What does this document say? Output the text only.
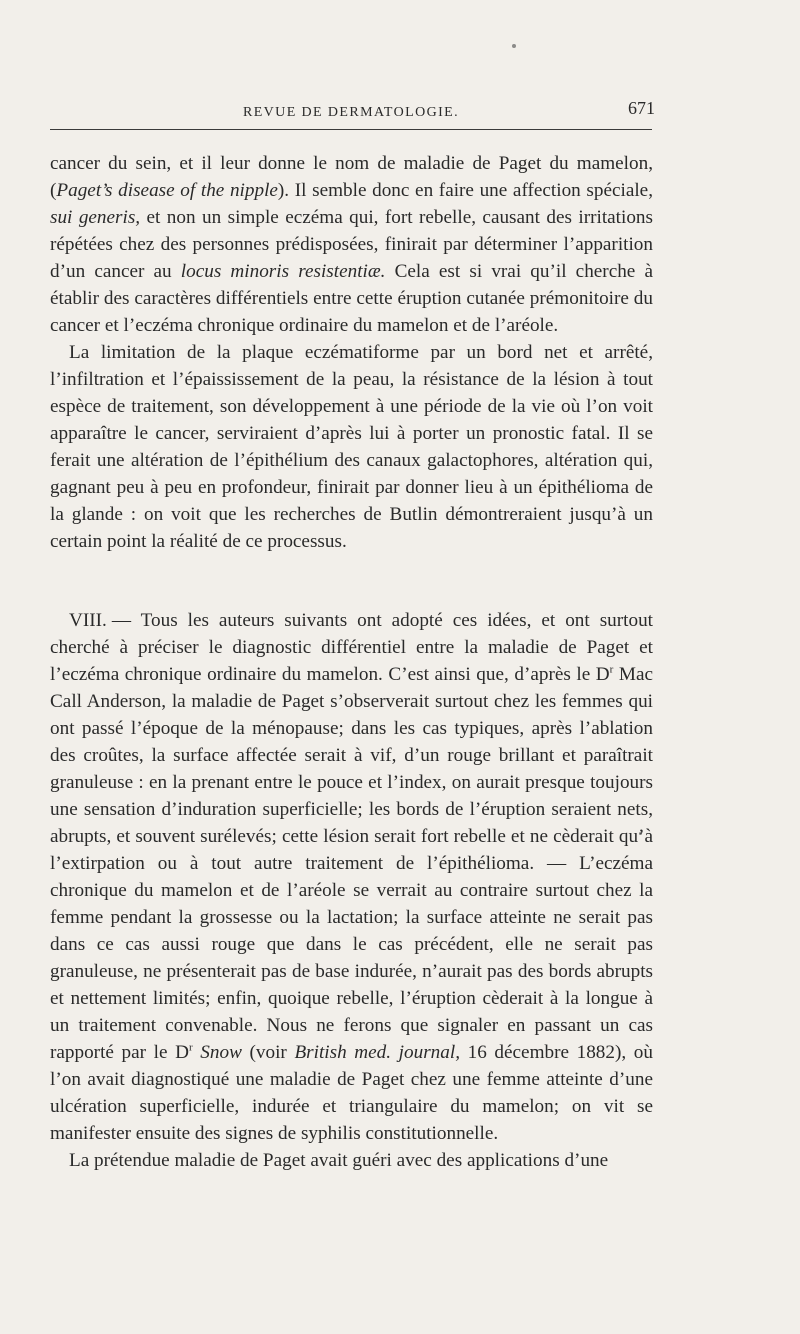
REVUE DE DERMATOLOGIE.	671

cancer du sein, et il leur donne le nom de maladie de Paget du mamelon, (Paget’s disease of the nipple). Il semble donc en faire une affection spéciale, sui generis, et non un simple eczéma qui, fort rebelle, causant des irritations répétées chez des personnes prédisposées, finirait par déterminer l’apparition d’un cancer au locus minoris resistentiæ. Cela est si vrai qu’il cherche à établir des caractères différentiels entre cette éruption cutanée prémonitoire du cancer et l’eczéma chronique ordinaire du mamelon et de l’aréole.

La limitation de la plaque eczématiforme par un bord net et arrêté, l’infiltration et l’épaississement de la peau, la résistance de la lésion à tout espèce de traitement, son développement à une période de la vie où l’on voit apparaître le cancer, serviraient d’après lui à porter un pronostic fatal. Il se ferait une altération de l’épithélium des canaux galactophores, altération qui, gagnant peu à peu en profondeur, finirait par donner lieu à un épithélioma de la glande : on voit que les recherches de Butlin démontreraient jusqu’à un certain point la réalité de ce processus.

VIII. — Tous les auteurs suivants ont adopté ces idées, et ont surtout cherché à préciser le diagnostic différentiel entre la maladie de Paget et l’eczéma chronique ordinaire du mamelon. C’est ainsi que, d’après le $D^r$ Mac Call Anderson, la maladie de Paget s’observerait surtout chez les femmes qui ont passé l’époque de la ménopause; dans les cas typiques, après l’ablation des croûtes, la surface affectée serait à vif, d’un rouge brillant et paraîtrait granuleuse : en la prenant entre le pouce et l’index, on aurait presque toujours une sensation d’induration superficielle; les bords de l’éruption seraient nets, abrupts, et souvent surélevés; cette lésion serait fort rebelle et ne cèderait qu’à l’extirpation ou à tout autre traitement de l’épithélioma. — L’eczéma chronique du mamelon et de l’aréole se verrait au contraire surtout chez la femme pendant la grossesse ou la lactation; la surface atteinte ne serait pas dans ce cas aussi rouge que dans le cas précédent, elle ne serait pas granuleuse, ne présenterait pas de base indurée, n’aurait pas des bords abrupts et nettement limités; enfin, quoique rebelle, l’éruption cèderait à la longue à un traitement convenable. Nous ne ferons que signaler en passant un cas rapporté par le $D^r$ Snow (voir British med. journal, 16 décembre 1882), où l’on avait diagnostiqué une maladie de Paget chez une femme atteinte d’une ulcération superficielle, indurée et triangulaire du mamelon; on vit se manifester ensuite des signes de syphilis constitutionnelle.

La prétendue maladie de Paget avait guéri avec des applications d’une
